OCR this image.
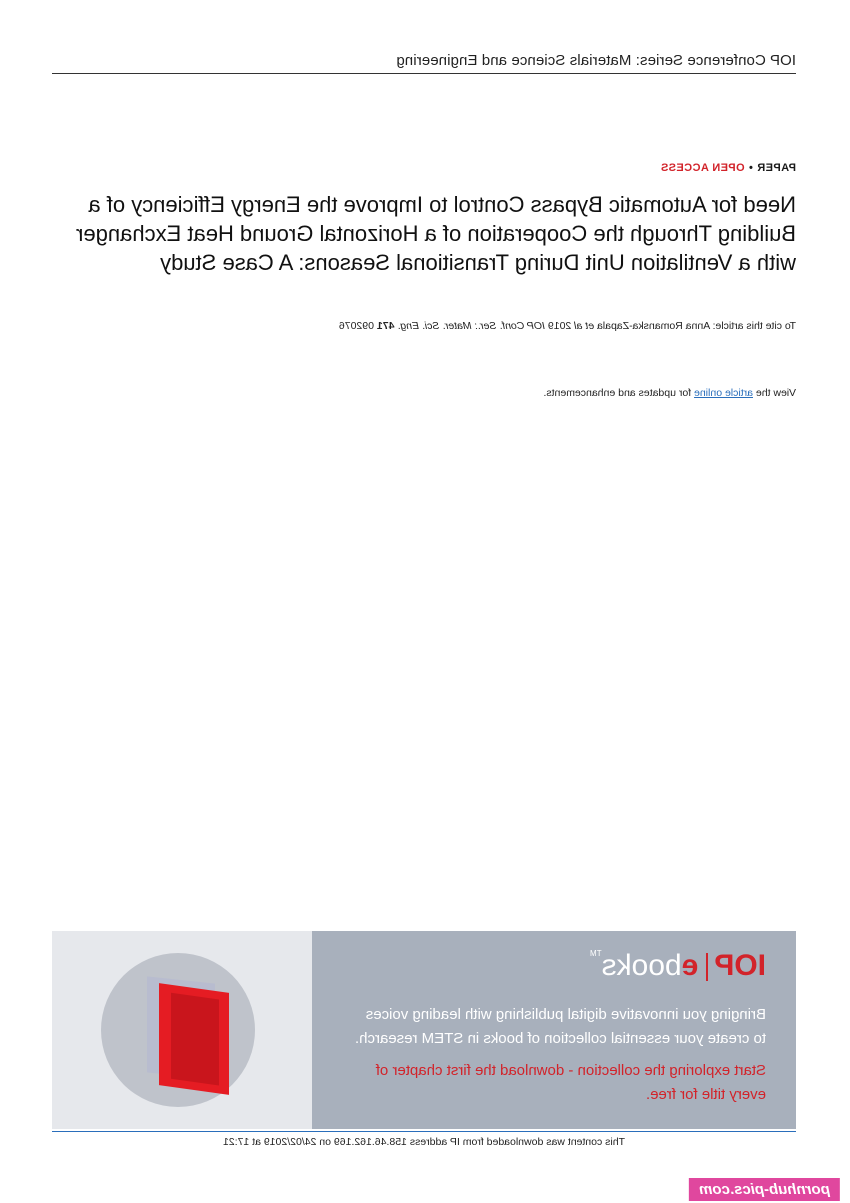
IOP Conference Series: Materials Science and Engineering
PAPER•OPEN ACCESS
Need for Automatic Bypass Control to Improve the Energy Efficiency of a Building Through the Cooperation of a Horizontal Ground Heat Exchanger with a Ventilation Unit During Transitional Seasons: A Case Study
To cite this article: Anna Romanska-Zapala et al 2019 IOP Conf. Ser.: Mater. Sci. Eng. 471 092076
View the article online for updates and enhancements.
IOPebooks™
Bringing you innovative digital publishing with leading voices
to create your essential collection of books in STEM research.
Start exploring the collection - download the first chapter of
every title for free.
This content was downloaded from IP address 158.46.162.169 on 24/02/2019 at 17:21
pornhub-pics.com
